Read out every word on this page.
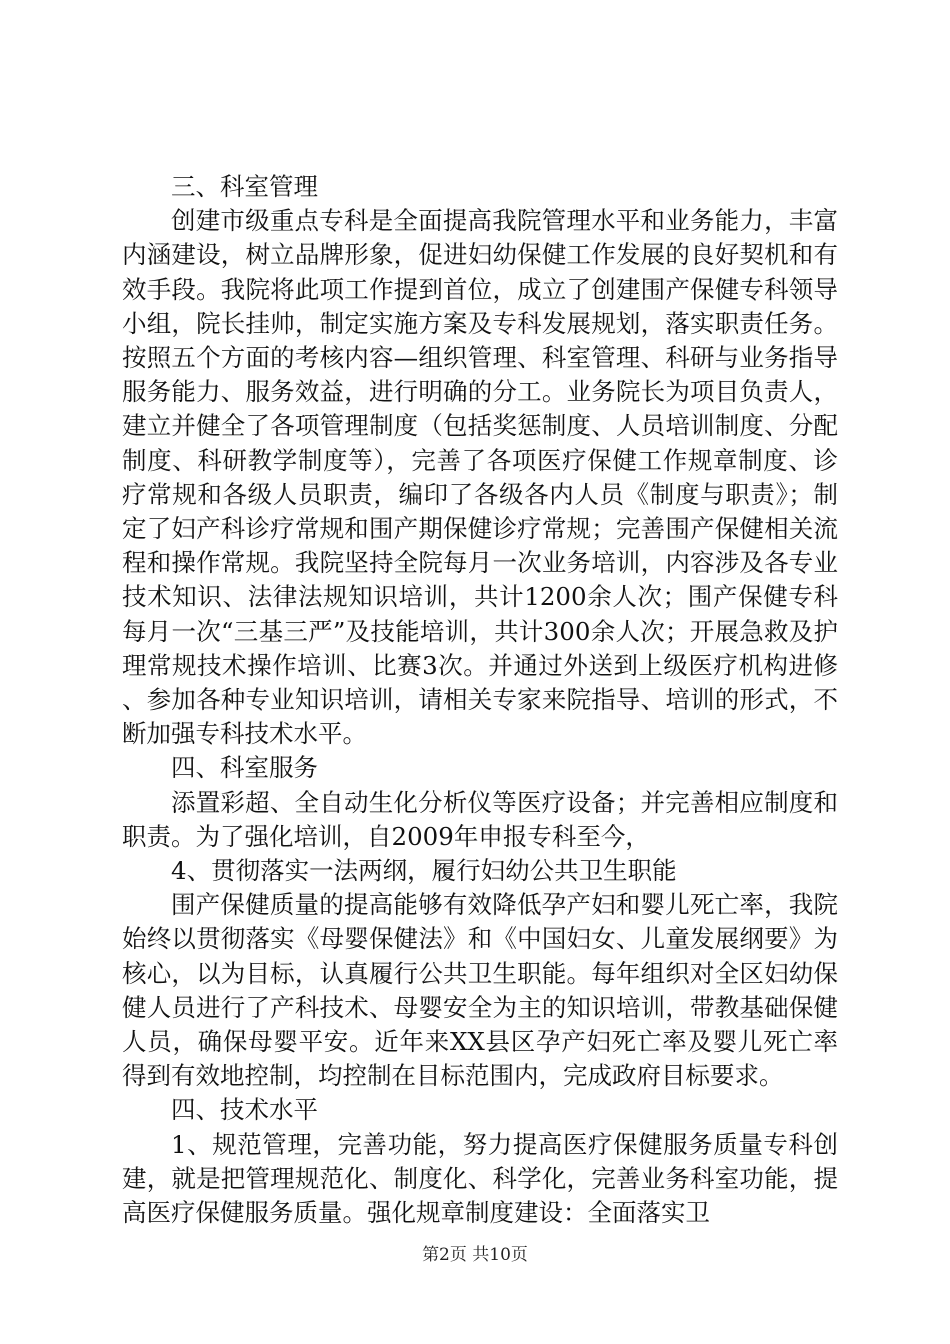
三、科室管理

创建市级重点专科是全面提高我院管理水平和业务能力，丰富内涵建设，树立品牌形象，促进妇幼保健工作发展的良好契机和有效手段。我院将此项工作提到首位，成立了创建围产保健专科领导小组，院长挂帅，制定实施方案及专科发展规划，落实职责任务。按照五个方面的考核内容—组织管理、科室管理、科研与业务指导服务能力、服务效益，进行明确的分工。业务院长为项目负责人，建立并健全了各项管理制度（包括奖惩制度、人员培训制度、分配制度、科研教学制度等），完善了各项医疗保健工作规章制度、诊疗常规和各级人员职责，编印了各级各内人员《制度与职责》；制定了妇产科诊疗常规和围产期保健诊疗常规；完善围产保健相关流程和操作常规。我院坚持全院每月一次业务培训，内容涉及各专业技术知识、法律法规知识培训，共计1200余人次；围产保健专科每月一次“三基三严”及技能培训，共计300余人次；开展急救及护理常规技术操作培训、比赛3次。并通过外送到上级医疗机构进修、参加各种专业知识培训，请相关专家来院指导、培训的形式，不断加强专科技术水平。

四、科室服务

添置彩超、全自动生化分析仪等医疗设备；并完善相应制度和职责。为了强化培训，自2009年申报专科至今，

4、贯彻落实一法两纲，履行妇幼公共卫生职能

围产保健质量的提高能够有效降低孕产妇和婴儿死亡率，我院始终以贯彻落实《母婴保健法》和《中国妇女、儿童发展纲要》为核心，以为目标，认真履行公共卫生职能。每年组织对全区妇幼保健人员进行了产科技术、母婴安全为主的知识培训，带教基础保健人员，确保母婴平安。近年来XX县区孕产妇死亡率及婴儿死亡率得到有效地控制，均控制在目标范围内，完成政府目标要求。

四、技术水平

1、规范管理，完善功能，努力提高医疗保健服务质量专科创建，就是把管理规范化、制度化、科学化，完善业务科室功能，提高医疗保健服务质量。强化规章制度建设：全面落实卫

第2页 共10页
